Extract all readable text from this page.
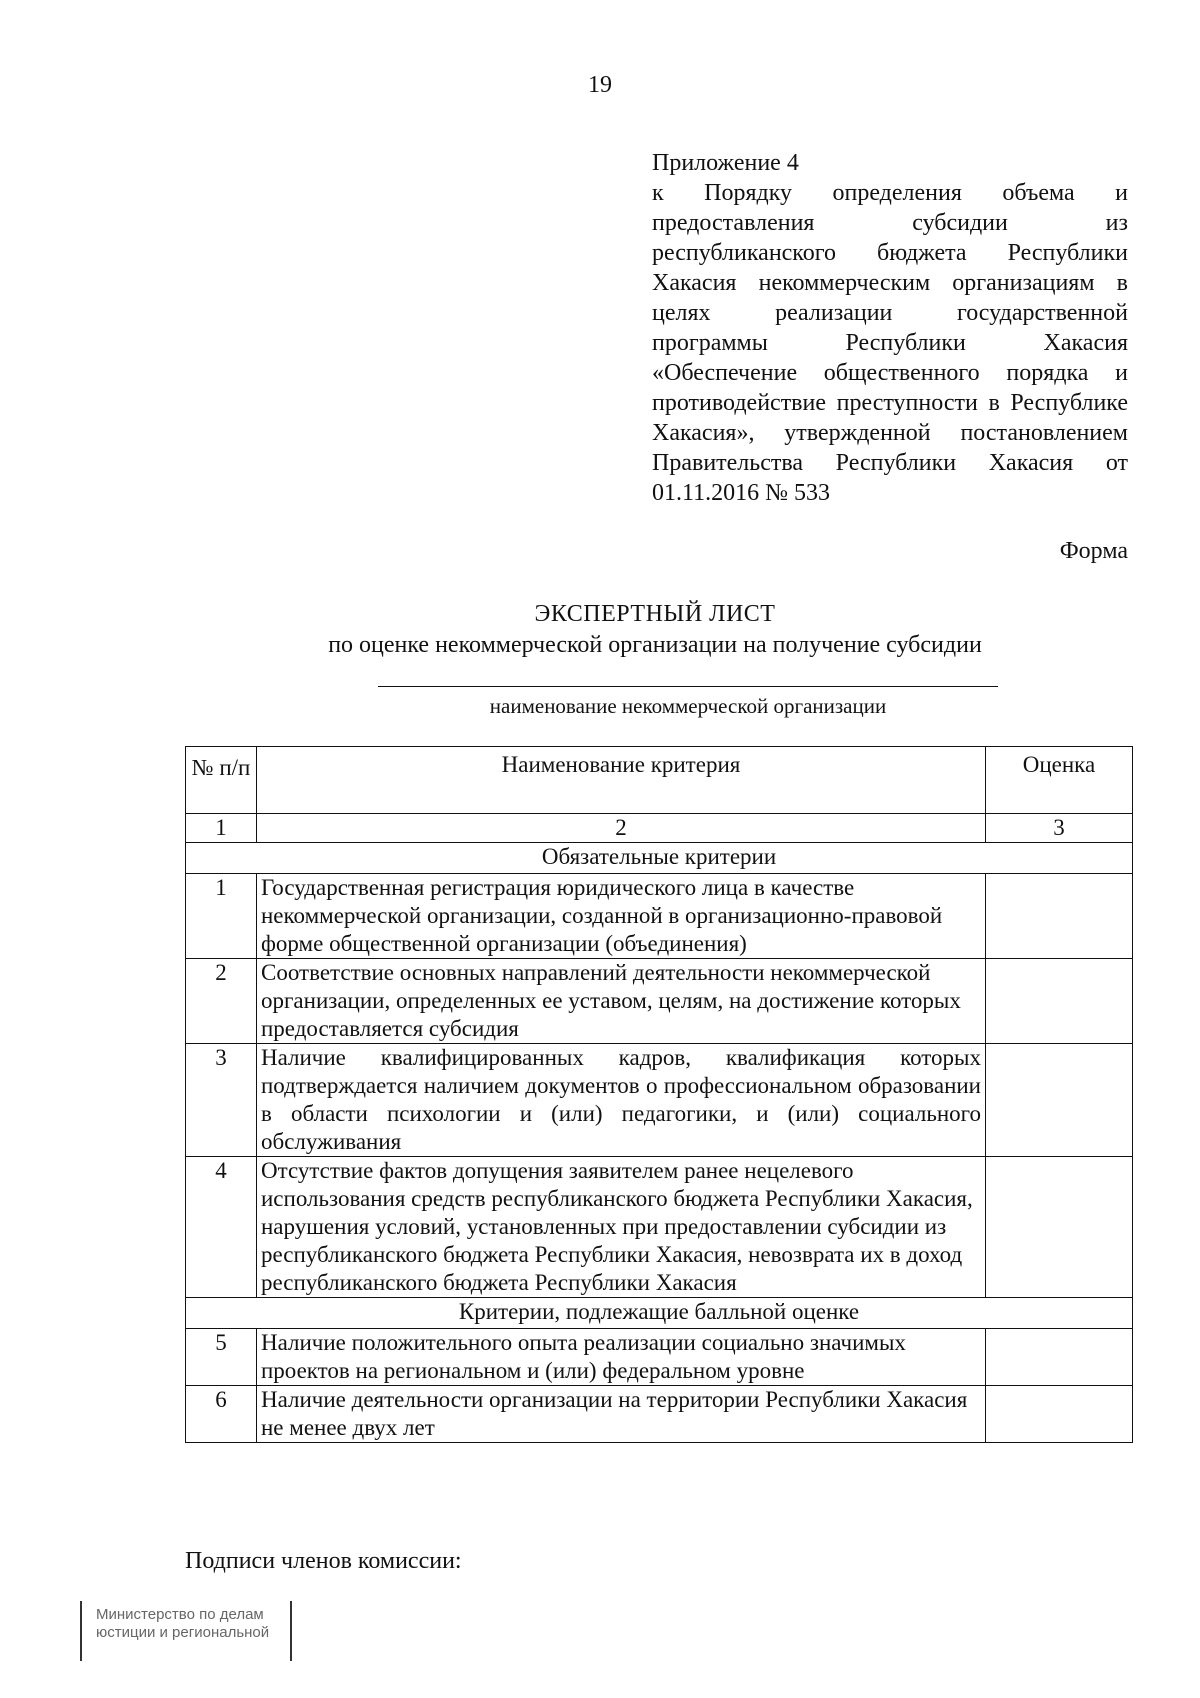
19
Приложение 4
к Порядку определения объема и предоставления субсидии из республиканского бюджета Республики Хакасия некоммерческим организациям в целях реализации государственной программы Республики Хакасия «Обеспечение общественного порядка и противодействие преступности в Республике Хакасия», утвержденной постановлением Правительства Республики Хакасия от 01.11.2016 № 533
Форма
ЭКСПЕРТНЫЙ ЛИСТ
по оценке некоммерческой организации на получение субсидии
наименование некоммерческой организации
№ п/п	Наименование критерия	Оценка
1	2	3
Обязательные критерии		
1	Государственная регистрация юридического лица в качестве некоммерческой организации, созданной в организационно-правовой форме общественной организации (объединения)	
2	Соответствие основных направлений деятельности некоммерческой организации, определенных ее уставом, целям, на достижение которых предоставляется субсидия	
3	Наличие квалифицированных кадров, квалификация которых подтверждается наличием документов о профессиональном образовании в области психологии и (или) педагогики, и (или) социального обслуживания	
4	Отсутствие фактов допущения заявителем ранее нецелевого использования средств республиканского бюджета Республики Хакасия, нарушения условий, установленных при предоставлении субсидии из республиканского бюджета Республики Хакасия, невозврата их в доход республиканского бюджета Республики Хакасия	
Критерии, подлежащие балльной оценке		
5	Наличие положительного опыта реализации социально значимых проектов на региональном и (или) федеральном уровне	
6	Наличие деятельности организации на территории Республики Хакасия не менее двух лет	
Подписи членов комиссии:
Министерство по делам
юстиции и региональной
